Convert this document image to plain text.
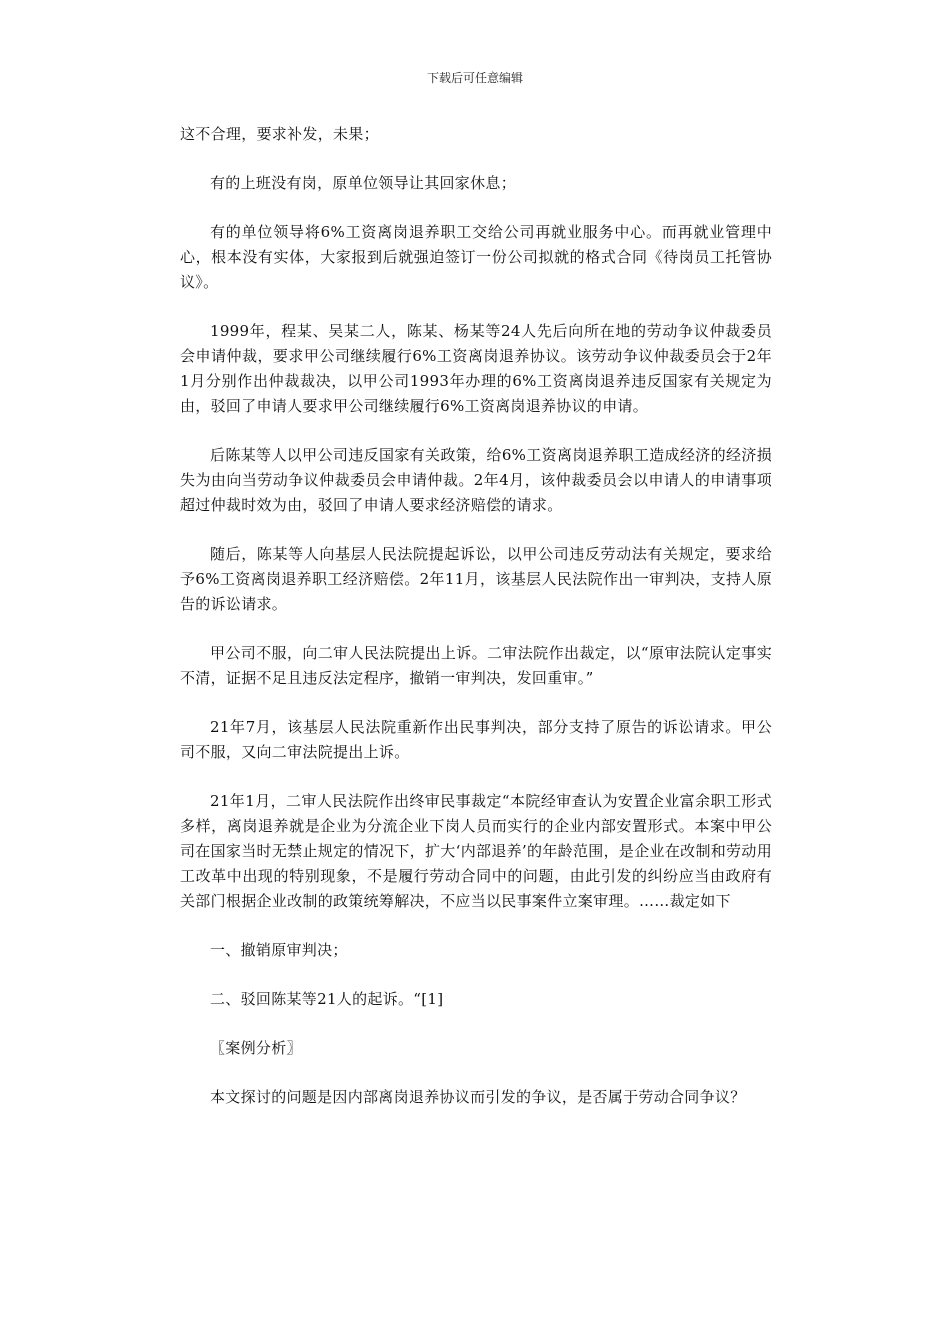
下载后可任意编辑

这不合理，要求补发，未果；

有的上班没有岗，原单位领导让其回家休息；

有的单位领导将6%工资离岗退养职工交给公司再就业服务中心。而再就业管理中心，根本没有实体，大家报到后就强迫签订一份公司拟就的格式合同《待岗员工托管协议》。

1999年，程某、吴某二人，陈某、杨某等24人先后向所在地的劳动争议仲裁委员会申请仲裁，要求甲公司继续履行6%工资离岗退养协议。该劳动争议仲裁委员会于2年1月分别作出仲裁裁决，以甲公司1993年办理的6%工资离岗退养违反国家有关规定为由，驳回了申请人要求甲公司继续履行6%工资离岗退养协议的申请。

后陈某等人以甲公司违反国家有关政策，给6%工资离岗退养职工造成经济的经济损失为由向当劳动争议仲裁委员会申请仲裁。2年4月，该仲裁委员会以申请人的申请事项超过仲裁时效为由，驳回了申请人要求经济赔偿的请求。

随后，陈某等人向基层人民法院提起诉讼，以甲公司违反劳动法有关规定，要求给予6%工资离岗退养职工经济赔偿。2年11月，该基层人民法院作出一审判决，支持人原告的诉讼请求。

甲公司不服，向二审人民法院提出上诉。二审法院作出裁定，以“原审法院认定事实不清，证据不足且违反法定程序，撤销一审判决，发回重审。”

21年7月，该基层人民法院重新作出民事判决，部分支持了原告的诉讼请求。甲公司不服，又向二审法院提出上诉。

21年1月，二审人民法院作出终审民事裁定“本院经审查认为安置企业富余职工形式多样，离岗退养就是企业为分流企业下岗人员而实行的企业内部安置形式。本案中甲公司在国家当时无禁止规定的情况下，扩大‘内部退养’的年龄范围，是企业在改制和劳动用工改革中出现的特别现象，不是履行劳动合同中的问题，由此引发的纠纷应当由政府有关部门根据企业改制的政策统筹解决，不应当以民事案件立案审理。……裁定如下

一、撤销原审判决；

二、驳回陈某等21人的起诉。“[1]

〖案例分析〗

本文探讨的问题是因内部离岗退养协议而引发的争议，是否属于劳动合同争议？
